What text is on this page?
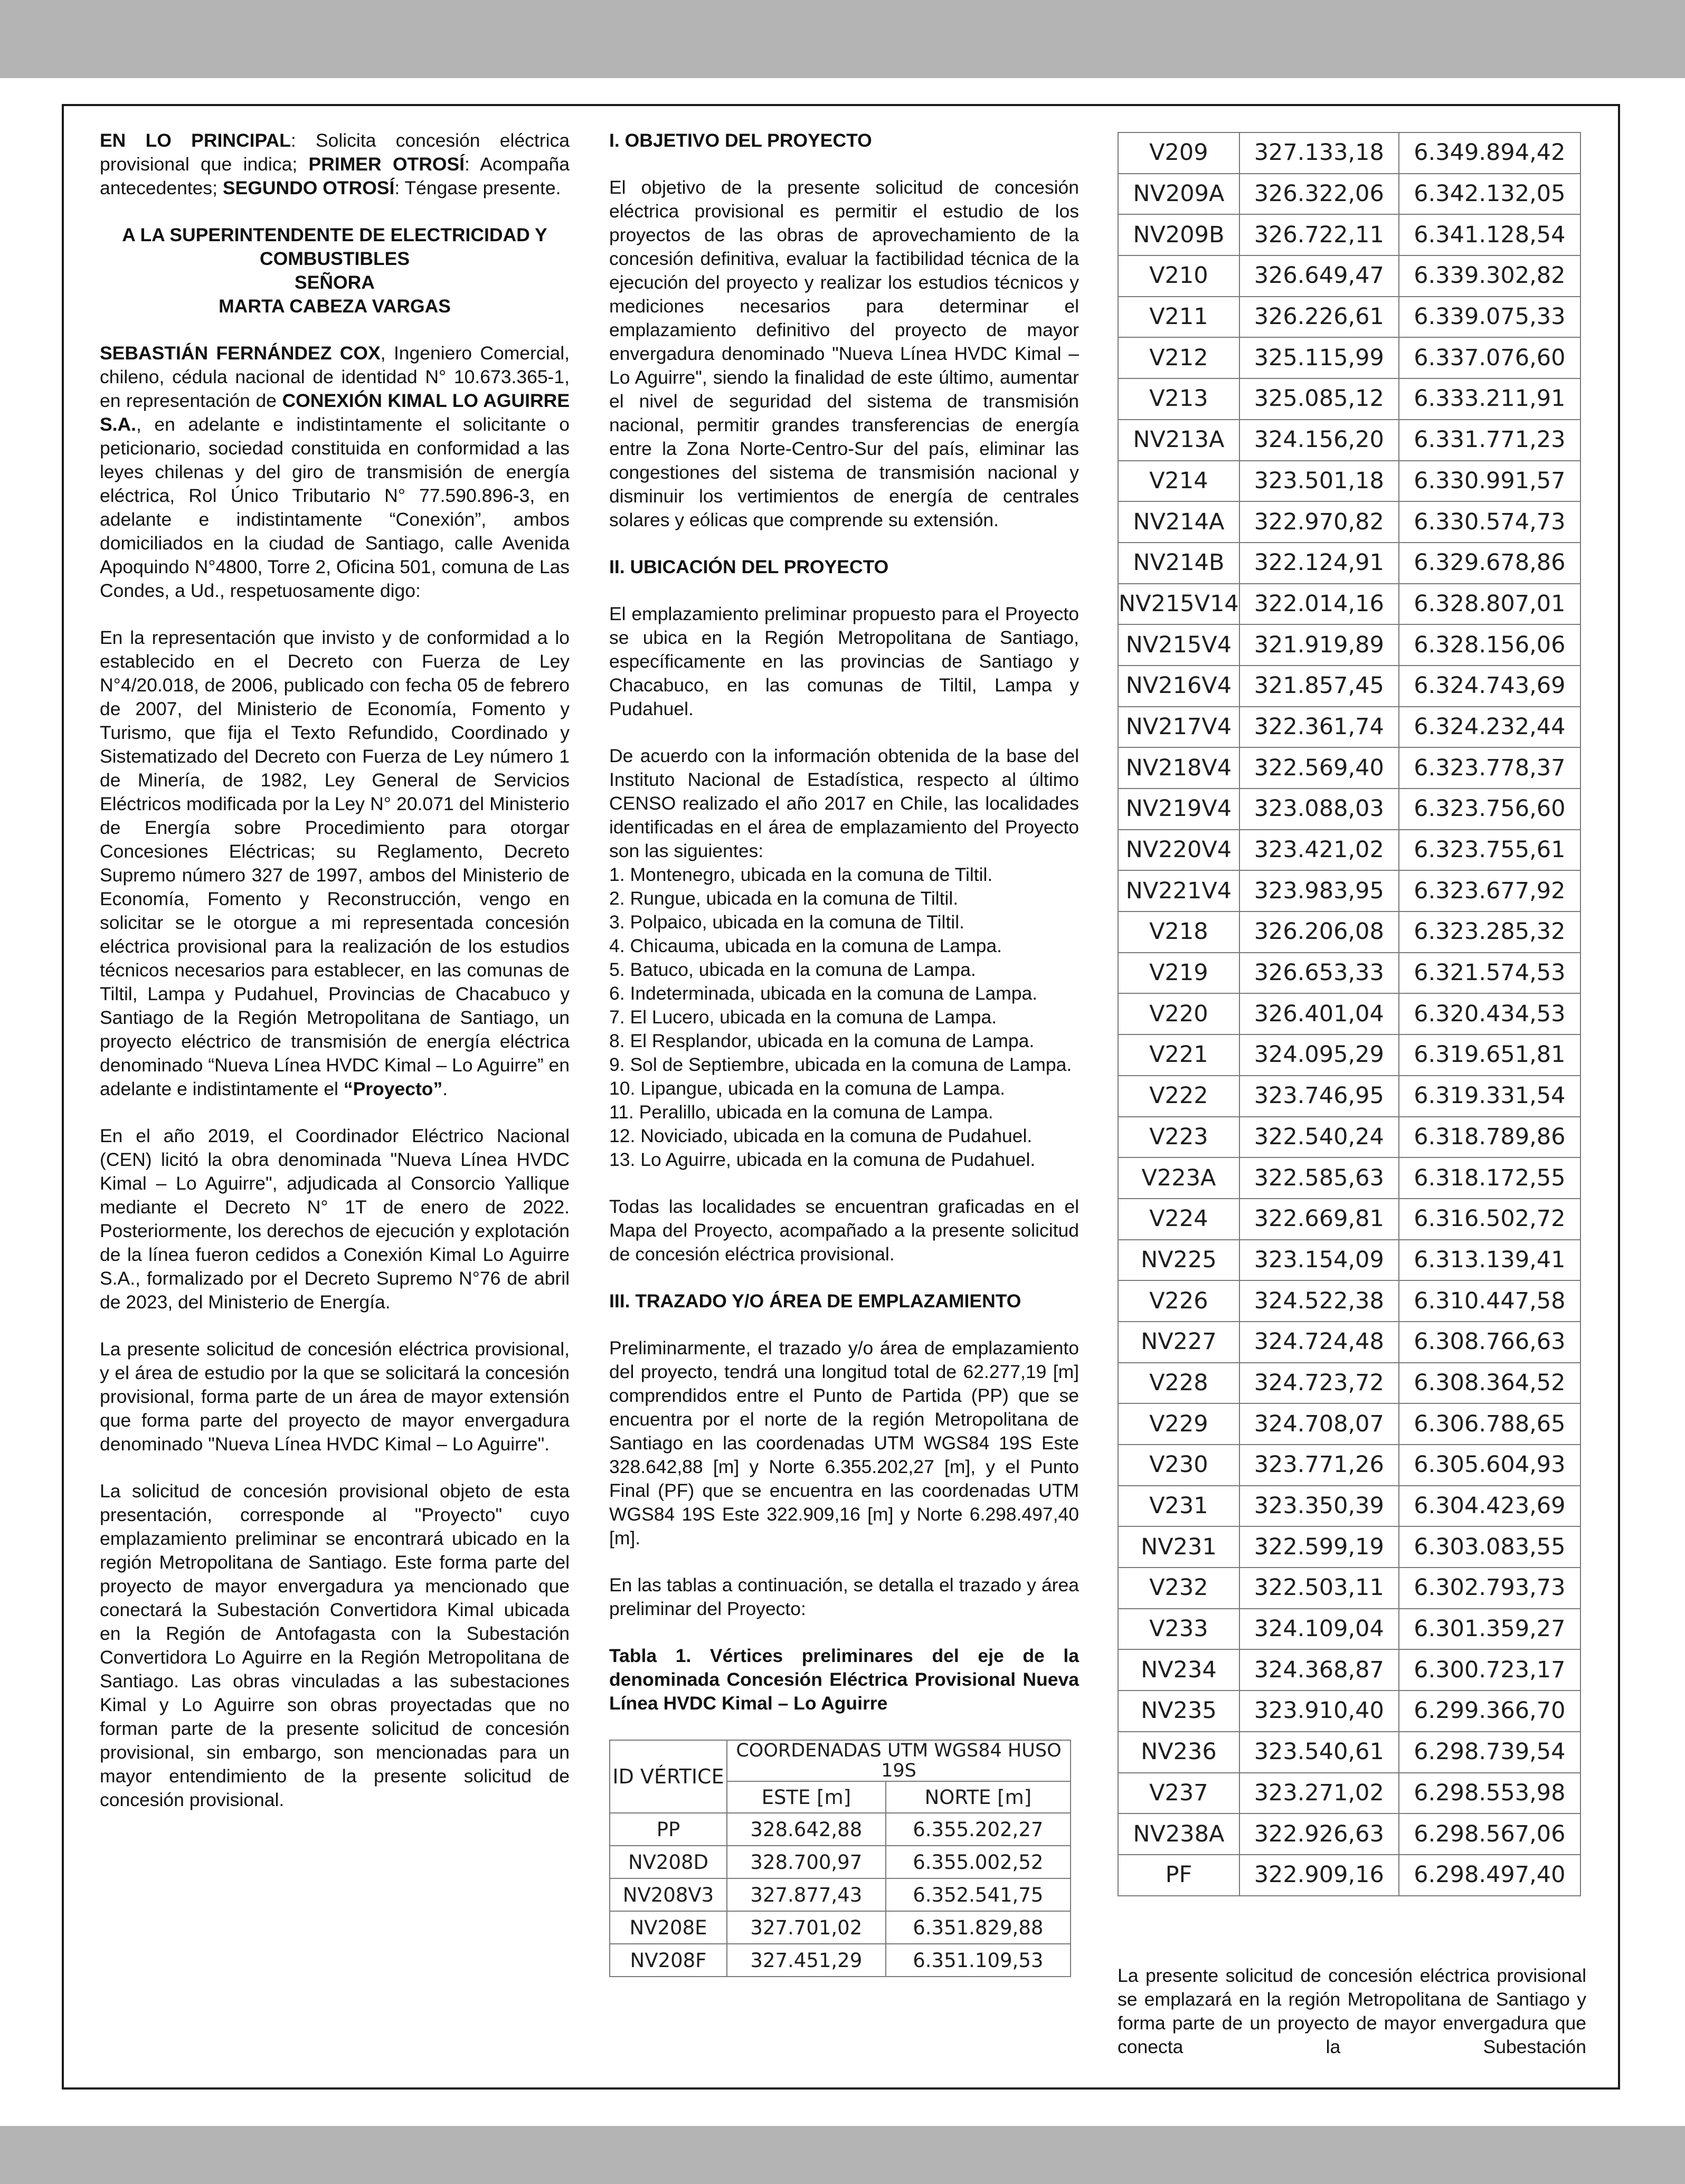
EN LO PRINCIPAL: Solicita concesión eléctrica provisional que indica; PRIMER OTROSÍ: Acompaña antecedentes; SEGUNDO OTROSÍ: Téngase presente.

A LA SUPERINTENDENTE DE ELECTRICIDAD Y COMBUSTIBLES
SEÑORA
MARTA CABEZA VARGAS

SEBASTIÁN FERNÁNDEZ COX, Ingeniero Comercial, chileno, cédula nacional de identidad N° 10.673.365-1, en representación de CONEXIÓN KIMAL LO AGUIRRE S.A., en adelante e indistintamente el solicitante o peticionario, sociedad constituida en conformidad a las leyes chilenas y del giro de transmisión de energía eléctrica, Rol Único Tributario N° 77.590.896-3, en adelante e indistintamente “Conexión”, ambos domiciliados en la ciudad de Santiago, calle Avenida Apoquindo N°4800, Torre 2, Oficina 501, comuna de Las Condes, a Ud., respetuosamente digo:

En la representación que invisto y de conformidad a lo establecido en el Decreto con Fuerza de Ley N°4/20.018, de 2006, publicado con fecha 05 de febrero de 2007, del Ministerio de Economía, Fomento y Turismo, que fija el Texto Refundido, Coordinado y Sistematizado del Decreto con Fuerza de Ley número 1 de Minería, de 1982, Ley General de Servicios Eléctricos modificada por la Ley N° 20.071 del Ministerio de Energía sobre Procedimiento para otorgar Concesiones Eléctricas; su Reglamento, Decreto Supremo número 327 de 1997, ambos del Ministerio de Economía, Fomento y Reconstrucción, vengo en solicitar se le otorgue a mi representada concesión eléctrica provisional para la realización de los estudios técnicos necesarios para establecer, en las comunas de Tiltil, Lampa y Pudahuel, Provincias de Chacabuco y Santiago de la Región Metropolitana de Santiago, un proyecto eléctrico de transmisión de energía eléctrica denominado “Nueva Línea HVDC Kimal – Lo Aguirre” en adelante e indistintamente el “Proyecto”.

En el año 2019, el Coordinador Eléctrico Nacional (CEN) licitó la obra denominada "Nueva Línea HVDC Kimal – Lo Aguirre", adjudicada al Consorcio Yallique mediante el Decreto N° 1T de enero de 2022. Posteriormente, los derechos de ejecución y explotación de la línea fueron cedidos a Conexión Kimal Lo Aguirre S.A., formalizado por el Decreto Supremo N°76 de abril de 2023, del Ministerio de Energía.

La presente solicitud de concesión eléctrica provisional, y el área de estudio por la que se solicitará la concesión provisional, forma parte de un área de mayor extensión que forma parte del proyecto de mayor envergadura denominado "Nueva Línea HVDC Kimal – Lo Aguirre".

La solicitud de concesión provisional objeto de esta presentación, corresponde al "Proyecto" cuyo emplazamiento preliminar se encontrará ubicado en la región Metropolitana de Santiago. Este forma parte del proyecto de mayor envergadura ya mencionado que conectará la Subestación Convertidora Kimal ubicada en la Región de Antofagasta con la Subestación Convertidora Lo Aguirre en la Región Metropolitana de Santiago. Las obras vinculadas a las subestaciones Kimal y Lo Aguirre son obras proyectadas que no forman parte de la presente solicitud de concesión provisional, sin embargo, son mencionadas para un mayor entendimiento de la presente solicitud de concesión provisional.

I. OBJETIVO DEL PROYECTO

El objetivo de la presente solicitud de concesión eléctrica provisional es permitir el estudio de los proyectos de las obras de aprovechamiento de la concesión definitiva, evaluar la factibilidad técnica de la ejecución del proyecto y realizar los estudios técnicos y mediciones necesarios para determinar el emplazamiento definitivo del proyecto de mayor envergadura denominado "Nueva Línea HVDC Kimal – Lo Aguirre", siendo la finalidad de este último, aumentar el nivel de seguridad del sistema de transmisión nacional, permitir grandes transferencias de energía entre la Zona Norte-Centro-Sur del país, eliminar las congestiones del sistema de transmisión nacional y disminuir los vertimientos de energía de centrales solares y eólicas que comprende su extensión.

II. UBICACIÓN DEL PROYECTO

El emplazamiento preliminar propuesto para el Proyecto se ubica en la Región Metropolitana de Santiago, específicamente en las provincias de Santiago y Chacabuco, en las comunas de Tiltil, Lampa y Pudahuel.

De acuerdo con la información obtenida de la base del Instituto Nacional de Estadística, respecto al último CENSO realizado el año 2017 en Chile, las localidades identificadas en el área de emplazamiento del Proyecto son las siguientes:
1. Montenegro, ubicada en la comuna de Tiltil.
2. Rungue, ubicada en la comuna de Tiltil.
3. Polpaico, ubicada en la comuna de Tiltil.
4. Chicauma, ubicada en la comuna de Lampa.
5. Batuco, ubicada en la comuna de Lampa.
6. Indeterminada, ubicada en la comuna de Lampa.
7. El Lucero, ubicada en la comuna de Lampa.
8. El Resplandor, ubicada en la comuna de Lampa.
9. Sol de Septiembre, ubicada en la comuna de Lampa.
10. Lipangue, ubicada en la comuna de Lampa.
11. Peralillo, ubicada en la comuna de Lampa.
12. Noviciado, ubicada en la comuna de Pudahuel.
13. Lo Aguirre, ubicada en la comuna de Pudahuel.

Todas las localidades se encuentran graficadas en el Mapa del Proyecto, acompañado a la presente solicitud de concesión eléctrica provisional.

III. TRAZADO Y/O ÁREA DE EMPLAZAMIENTO

Preliminarmente, el trazado y/o área de emplazamiento del proyecto, tendrá una longitud total de 62.277,19 [m] comprendidos entre el Punto de Partida (PP) que se encuentra por el norte de la región Metropolitana de Santiago en las coordenadas UTM WGS84 19S Este 328.642,88 [m] y Norte 6.355.202,27 [m], y el Punto Final (PF) que se encuentra en las coordenadas UTM WGS84 19S Este 322.909,16 [m] y Norte 6.298.497,40 [m].

En las tablas a continuación, se detalla el trazado y área preliminar del Proyecto:

Tabla 1. Vértices preliminares del eje de la denominada Concesión Eléctrica Provisional Nueva Línea HVDC Kimal – Lo Aguirre
ID VÉRTICE	COORDENADAS UTM WGS84 HUSO 19S	
	ESTE [m]	NORTE [m]
PP	328.642,88	6.355.202,27
NV208D	328.700,97	6.355.002,52
NV208V3	327.877,43	6.352.541,75
NV208E	327.701,02	6.351.829,88
NV208F	327.451,29	6.351.109,53
V209	327.133,18	6.349.894,42
NV209A	326.322,06	6.342.132,05
NV209B	326.722,11	6.341.128,54
V210	326.649,47	6.339.302,82
V211	326.226,61	6.339.075,33
V212	325.115,99	6.337.076,60
V213	325.085,12	6.333.211,91
NV213A	324.156,20	6.331.771,23
V214	323.501,18	6.330.991,57
NV214A	322.970,82	6.330.574,73
NV214B	322.124,91	6.329.678,86
NV215V14	322.014,16	6.328.807,01
NV215V4	321.919,89	6.328.156,06
NV216V4	321.857,45	6.324.743,69
NV217V4	322.361,74	6.324.232,44
NV218V4	322.569,40	6.323.778,37
NV219V4	323.088,03	6.323.756,60
NV220V4	323.421,02	6.323.755,61
NV221V4	323.983,95	6.323.677,92
V218	326.206,08	6.323.285,32
V219	326.653,33	6.321.574,53
V220	326.401,04	6.320.434,53
V221	324.095,29	6.319.651,81
V222	323.746,95	6.319.331,54
V223	322.540,24	6.318.789,86
V223A	322.585,63	6.318.172,55
V224	322.669,81	6.316.502,72
NV225	323.154,09	6.313.139,41
V226	324.522,38	6.310.447,58
NV227	324.724,48	6.308.766,63
V228	324.723,72	6.308.364,52
V229	324.708,07	6.306.788,65
V230	323.771,26	6.305.604,93
V231	323.350,39	6.304.423,69
NV231	322.599,19	6.303.083,55
V232	322.503,11	6.302.793,73
V233	324.109,04	6.301.359,27
NV234	324.368,87	6.300.723,17
NV235	323.910,40	6.299.366,70
NV236	323.540,61	6.298.739,54
V237	323.271,02	6.298.553,98
NV238A	322.926,63	6.298.567,06
PF	322.909,16	6.298.497,40
La presente solicitud de concesión eléctrica provisional se emplazará en la región Metropolitana de Santiago y forma parte de un proyecto de mayor envergadura que conecta la Subestación
